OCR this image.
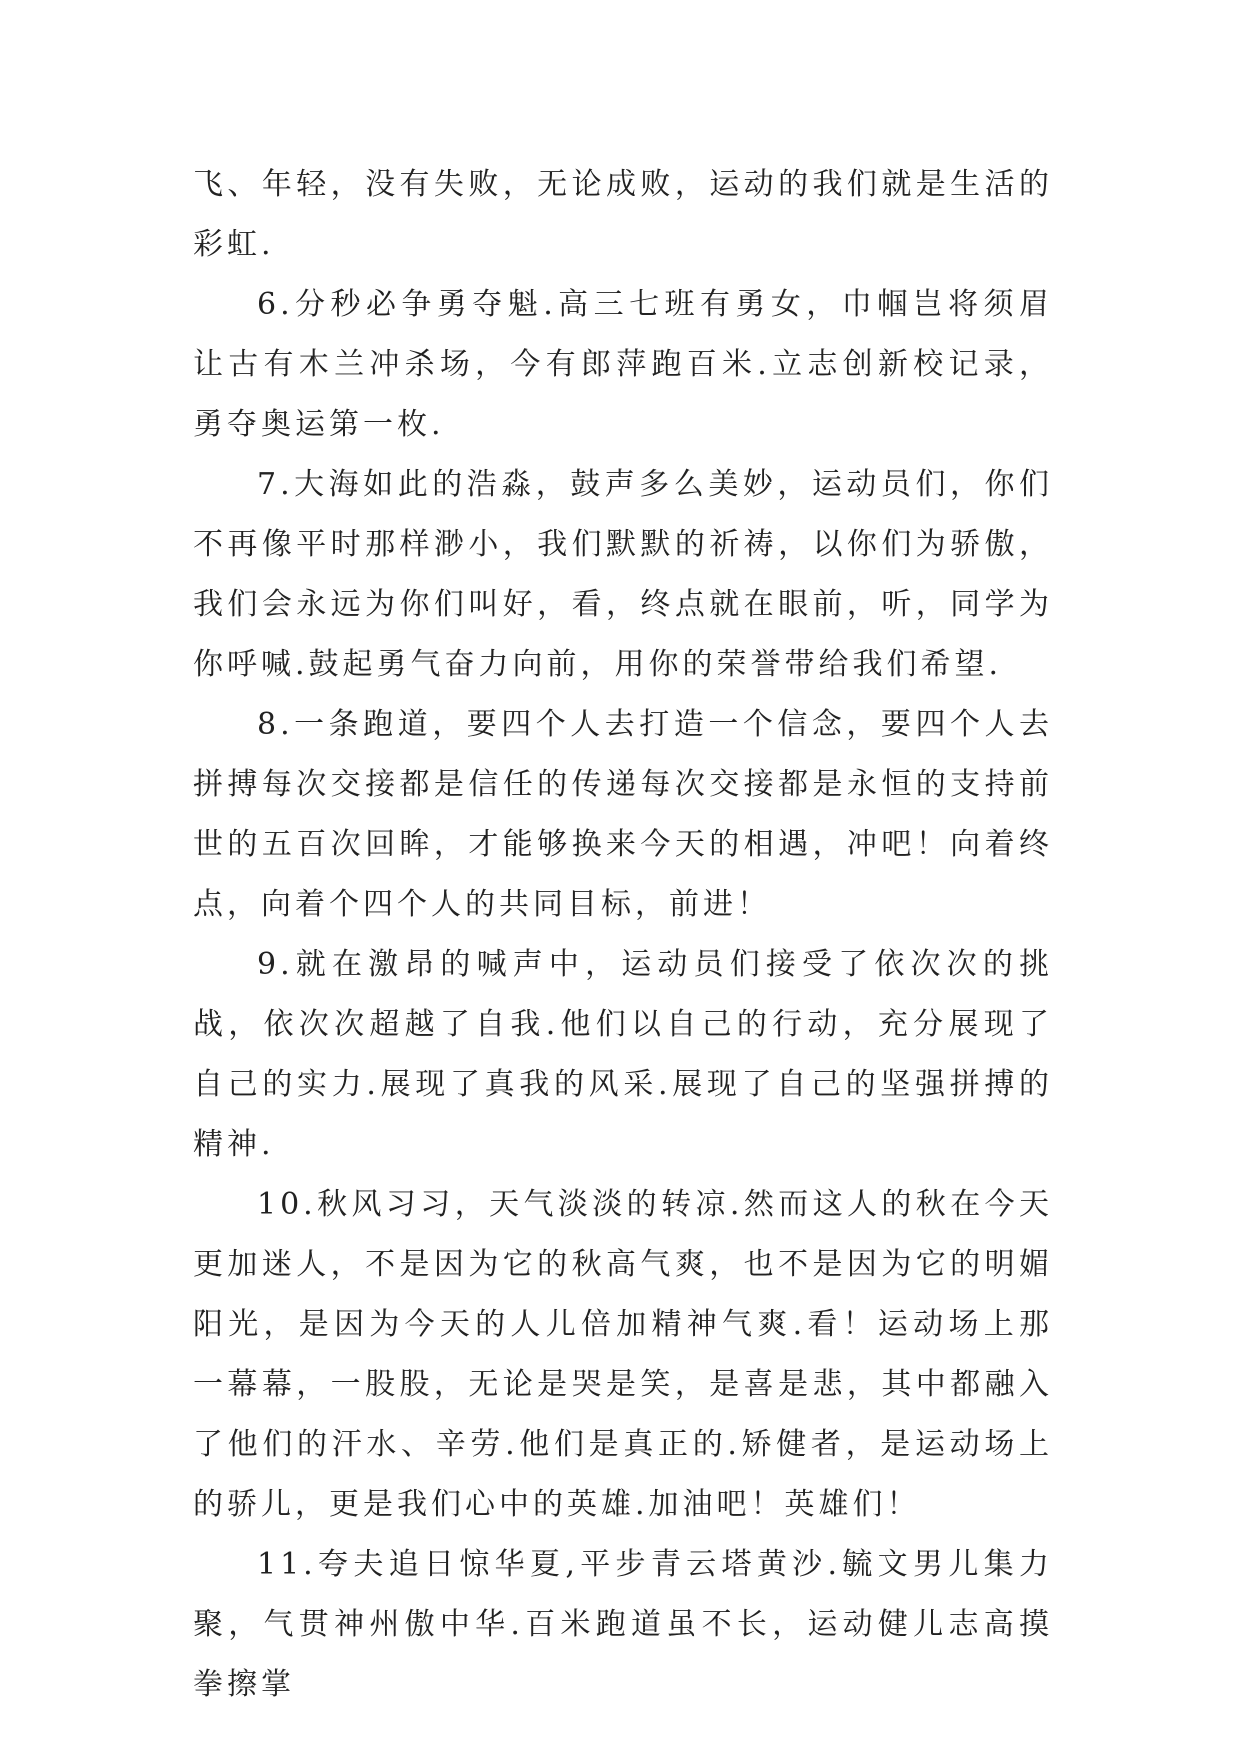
飞、年轻，没有失败，无论成败，运动的我们就是生活的彩虹.

6.分秒必争勇夺魁.高三七班有勇女，巾帼岂将须眉让古有木兰冲杀场，今有郎萍跑百米.立志创新校记录，勇夺奥运第一枚.

7.大海如此的浩淼，鼓声多么美妙，运动员们，你们不再像平时那样渺小，我们默默的祈祷，以你们为骄傲，我们会永远为你们叫好，看，终点就在眼前，听，同学为你呼喊.鼓起勇气奋力向前，用你的荣誉带给我们希望.

8.一条跑道，要四个人去打造一个信念，要四个人去拼搏每次交接都是信任的传递每次交接都是永恒的支持前世的五百次回眸，才能够换来今天的相遇，冲吧！向着终点，向着个四个人的共同目标，前进！

9.就在激昂的喊声中，运动员们接受了依次次的挑战，依次次超越了自我.他们以自己的行动，充分展现了自己的实力.展现了真我的风采.展现了自己的坚强拼搏的精神.

10.秋风习习，天气淡淡的转凉.然而这人的秋在今天更加迷人，不是因为它的秋高气爽，也不是因为它的明媚阳光，是因为今天的人儿倍加精神气爽.看！运动场上那一幕幕，一股股，无论是哭是笑，是喜是悲，其中都融入了他们的汗水、辛劳.他们是真正的.矫健者，是运动场上的骄儿，更是我们心中的英雄.加油吧！英雄们！

11.夸夫追日惊华夏,平步青云塔黄沙.毓文男儿集力聚，气贯神州傲中华.百米跑道虽不长，运动健儿志高摸拳擦掌
